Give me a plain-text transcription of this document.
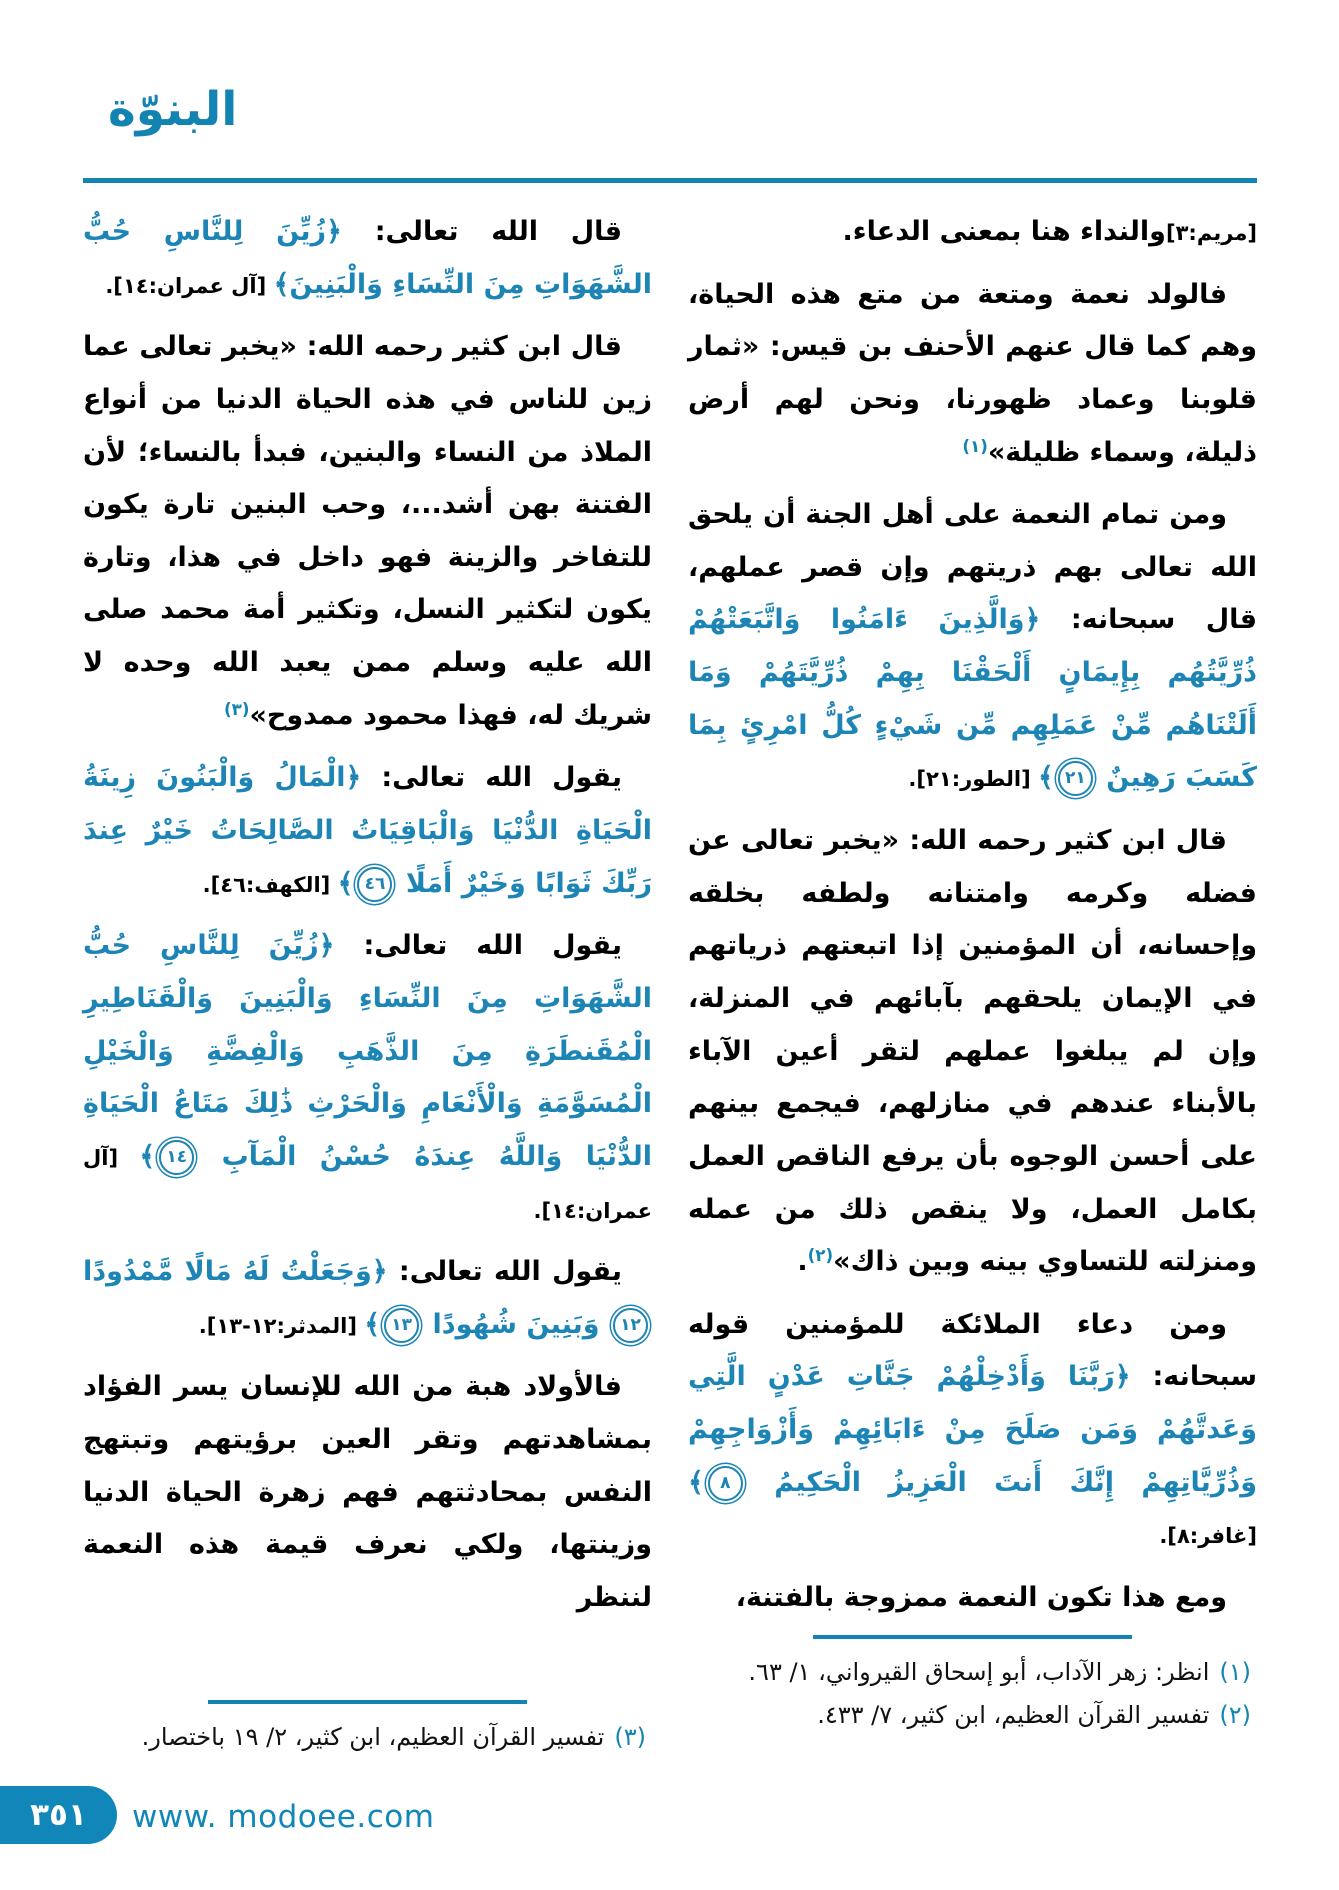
البنوّة

[مريم:٣]والنداء هنا بمعنى الدعاء.

فالولد نعمة ومتعة من متع هذه الحياة، وهم كما قال عنهم الأحنف بن قيس: «ثمار قلوبنا وعماد ظهورنا، ونحن لهم أرض ذليلة، وسماء ظليلة»$^{(١)}$

ومن تمام النعمة على أهل الجنة أن يلحق الله تعالى بهم ذريتهم وإن قصر عملهم، قال سبحانه: ﴿وَالَّذِينَ ءَامَنُوا وَاتَّبَعَتْهُمْ ذُرِّيَّتُهُم بِإِيمَانٍ أَلْحَقْنَا بِهِمْ ذُرِّيَّتَهُمْ وَمَا أَلَتْنَاهُم مِّنْ عَمَلِهِم مِّن شَيْءٍ كُلُّ امْرِئٍ بِمَا كَسَبَ رَهِينٌ ٢١﴾ [الطور:٢١].

قال ابن كثير رحمه الله: «يخبر تعالى عن فضله وكرمه وامتنانه ولطفه بخلقه وإحسانه، أن المؤمنين إذا اتبعتهم ذرياتهم في الإيمان يلحقهم بآبائهم في المنزلة، وإن لم يبلغوا عملهم لتقر أعين الآباء بالأبناء عندهم في منازلهم، فيجمع بينهم على أحسن الوجوه بأن يرفع الناقص العمل بكامل العمل، ولا ينقص ذلك من عمله ومنزلته للتساوي بينه وبين ذاك»$^{(٢)}$.

ومن دعاء الملائكة للمؤمنين قوله سبحانه: ﴿رَبَّنَا وَأَدْخِلْهُمْ جَنَّاتِ عَدْنٍ الَّتِي وَعَدتَّهُمْ وَمَن صَلَحَ مِنْ ءَابَائِهِمْ وَأَزْوَاجِهِمْ وَذُرِّيَّاتِهِمْ إِنَّكَ أَنتَ الْعَزِيزُ الْحَكِيمُ ٨﴾ [غافر:٨].

ومع هذا تكون النعمة ممزوجة بالفتنة،

(١)
انظر: زهر الآداب، أبو إسحاق القيرواني، ١/ ٦٣.
(٢)
تفسير القرآن العظيم، ابن كثير، ٧/ ٤٣٣.

قال الله تعالى: ﴿زُيِّنَ لِلنَّاسِ حُبُّ الشَّهَوَاتِ مِنَ النِّسَاءِ وَالْبَنِينَ﴾ [آل عمران:١٤].

قال ابن كثير رحمه الله: «يخبر تعالى عما زين للناس في هذه الحياة الدنيا من أنواع الملاذ من النساء والبنين، فبدأ بالنساء؛ لأن الفتنة بهن أشد...، وحب البنين تارة يكون للتفاخر والزينة فهو داخل في هذا، وتارة يكون لتكثير النسل، وتكثير أمة محمد صلى الله عليه وسلم ممن يعبد الله وحده لا شريك له، فهذا محمود ممدوح»$^{(٣)}$

يقول الله تعالى: ﴿الْمَالُ وَالْبَنُونَ زِينَةُ الْحَيَاةِ الدُّنْيَا وَالْبَاقِيَاتُ الصَّالِحَاتُ خَيْرٌ عِندَ رَبِّكَ ثَوَابًا وَخَيْرٌ أَمَلًا ٤٦﴾ [الكهف:٤٦].

يقول الله تعالى: ﴿زُيِّنَ لِلنَّاسِ حُبُّ الشَّهَوَاتِ مِنَ النِّسَاءِ وَالْبَنِينَ وَالْقَنَاطِيرِ الْمُقَنطَرَةِ مِنَ الذَّهَبِ وَالْفِضَّةِ وَالْخَيْلِ الْمُسَوَّمَةِ وَالْأَنْعَامِ وَالْحَرْثِ ذَٰلِكَ مَتَاعُ الْحَيَاةِ الدُّنْيَا وَاللَّهُ عِندَهُ حُسْنُ الْمَآبِ ١٤﴾ [آل عمران:١٤].

يقول الله تعالى: ﴿وَجَعَلْتُ لَهُ مَالًا مَّمْدُودًا ١٢ وَبَنِينَ شُهُودًا ١٣﴾ [المدثر:١٢-١٣].

فالأولاد هبة من الله للإنسان يسر الفؤاد بمشاهدتهم وتقر العين برؤيتهم وتبتهج النفس بمحادثتهم فهم زهرة الحياة الدنيا وزينتها، ولكي نعرف قيمة هذه النعمة لننظر

(٣)
تفسير القرآن العظيم، ابن كثير، ٢/ ١٩ باختصار.
٣٥١	www. modoee.com
